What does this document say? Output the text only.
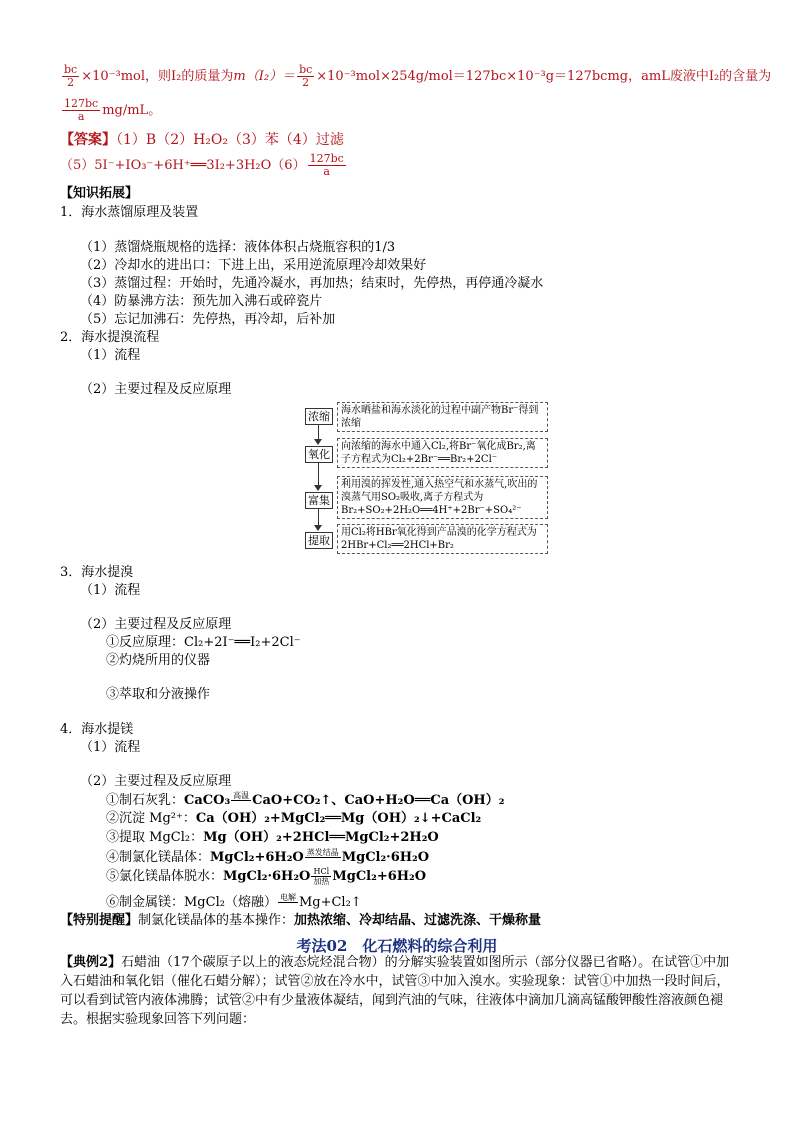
$\frac{bc}{2} \times 10^{-3}mol$，则I₂的质量为$m(I_2)= \frac{bc}{2}$ ×10⁻³mol×254g/mol＝127bc×10⁻³g＝127bcmg，amL废液中I₂的含量为
$\frac{127bc}{a} mg/mL$。
【答案】（1）B（2）H₂O₂（3）苯（4）过滤
（5）5I⁻+IO₃⁻+6H⁺══3I₂+3H₂O（6） $\frac{127bc}{a}$
【知识拓展】
1．海水蒸馏原理及装置
（1）蒸馏烧瓶规格的选择：液体体积占烧瓶容积的1/3
（2）冷却水的进出口：下进上出，采用逆流原理冷却效果好
（3）蒸馏过程：开始时，先通冷凝水，再加热；结束时，先停热，再停通冷凝水
（4）防暴沸方法：预先加入沸石或碎瓷片
（5）忘记加沸石：先停热，再冷却，后补加
2．海水提溴流程
（1）流程
（2）主要过程及反应原理
浓缩
氧化
富集
提取
海水晒盐和海水淡化的过程中副产物Br⁻得到浓缩
向浓缩的海水中通入Cl₂,将Br⁻氧化成Br₂,离子方程式为Cl₂+2Br⁻══Br₂+2Cl⁻
利用溴的挥发性,通入热空气和水蒸气,吹出的溴蒸气用SO₂吸收,离子方程式为Br₂+SO₂+2H₂O══4H⁺+2Br⁻+SO₄²⁻
用Cl₂将HBr氧化得到产品溴的化学方程式为2HBr+Cl₂══2HCl+Br₂
3．海水提溴
（1）流程
（2）主要过程及反应原理
①反应原理：Cl₂+2I⁻══I₂+2Cl⁻
②灼烧所用的仪器
③萃取和分液操作
4．海水提镁
（1）流程
（2）主要过程及反应原理
①制石灰乳：CaCO₃ 高温
CaO+CO₂↑、CaO+H₂O══Ca（OH）₂
②沉淀 Mg²⁺：Ca（OH）₂+MgCl₂══Mg（OH）₂↓+CaCl₂
③提取 MgCl₂：Mg（OH）₂+2HCl══MgCl₂+2H₂O
④制氯化镁晶体：MgCl₂+6H₂O 蒸发结晶
MgCl₂·6H₂O
⑤氯化镁晶体脱水：MgCl₂·6H₂O HCl
加热 MgCl₂+6H₂O
⑥制金属镁：MgCl₂（熔融） 电解
Mg+Cl₂↑
【特别提醒】制氯化镁晶体的基本操作：加热浓缩、冷却结晶、过滤洗涤、干燥称量
考法02　化石燃料的综合利用
【典例2】石蜡油（17个碳原子以上的液态烷烃混合物）的分解实验装置如图所示（部分仪器已省略）。在试管①中加入石蜡油和氧化铝（催化石蜡分解）；试管②放在冷水中，试管③中加入溴水。实验现象：试管①中加热一段时间后，可以看到试管内液体沸腾；试管②中有少量液体凝结，闻到汽油的气味，往液体中滴加几滴高锰酸钾酸性溶液颜色褪去。根据实验现象回答下列问题：
